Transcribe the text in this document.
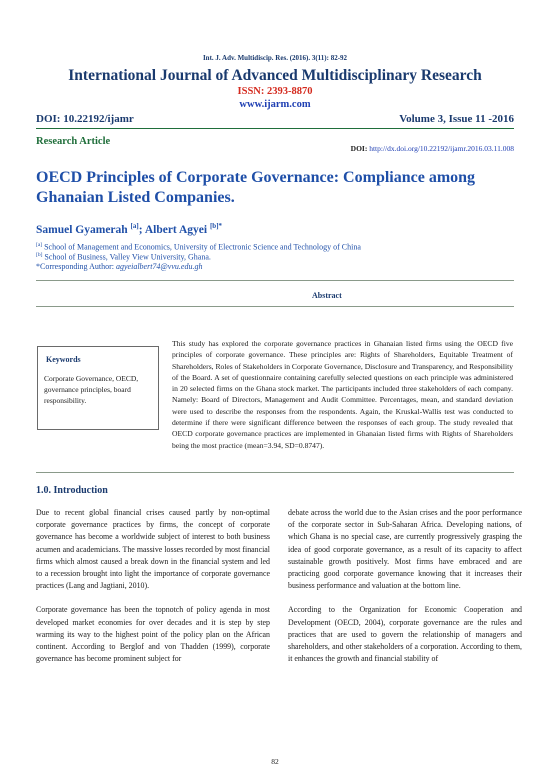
Int. J. Adv. Multidiscip. Res. (2016). 3(11): 82-92
International Journal of Advanced Multidisciplinary Research
ISSN: 2393-8870
www.ijarm.com
DOI: 10.22192/ijamr	Volume 3, Issue 11 -2016
Research Article
DOI: http://dx.doi.org/10.22192/ijamr.2016.03.11.008
OECD Principles of Corporate Governance: Compliance among Ghanaian Listed Companies.
Samuel Gyamerah [a]; Albert Agyei $^{[b]*}$
[a] School of Management and Economics, University of Electronic Science and Technology of China
[b] School of Business, Valley View University, Ghana.
*Corresponding Author: agyeialbert74@vvu.edu.gh
Abstract
Keywords
Corporate Governance, OECD, governance principles, board responsibility.
This study has explored the corporate governance practices in Ghanaian listed firms using the OECD five principles of corporate governance. These principles are: Rights of Shareholders, Equitable Treatment of Shareholders, Roles of Stakeholders in Corporate Governance, Disclosure and Transparency, and Responsibility of the Board. A set of questionnaire containing carefully selected questions on each principle was administered in 20 selected firms on the Ghana stock market. The participants included three stakeholders of each company. Namely: Board of Directors, Management and Audit Committee. Percentages, mean, and standard deviation were used to describe the responses from the respondents. Again, the Kruskal-Wallis test was conducted to determine if there were significant difference between the responses of each group. The study revealed that OECD corporate governance practices are implemented in Ghanaian listed firms with Rights of Shareholders being the most practice (mean=3.94, SD=0.8747).
1.0. Introduction

Due to recent global financial crises caused partly by non-optimal corporate governance practices by firms, the concept of corporate governance has become a worldwide subject of interest to both business acumen and academicians. The massive losses recorded by most financial firms which almost caused a break down in the financial system and led to a recession brought into light the importance of corporate governance practices (Lang and Jagtiani, 2010).

Corporate governance has been the topnotch of policy agenda in most developed market economies for over decades and it is step by step warming its way to the highest point of the policy plan on the African continent. According to Berglof and von Thadden (1999), corporate governance has become prominent subject for

debate across the world due to the Asian crises and the poor performance of the corporate sector in Sub-Saharan Africa. Developing nations, of which Ghana is no special case, are currently progressively grasping the idea of good corporate governance, as a result of its capacity to affect sustainable growth positively. Most firms have embraced and are practicing good corporate governance knowing that it increases their business performance and valuation at the bottom line.

According to the Organization for Economic Cooperation and Development (OECD, 2004), corporate governance are the rules and practices that are used to govern the relationship of managers and shareholders, and other stakeholders of a corporation. According to them, it enhances the growth and financial stability of

82
